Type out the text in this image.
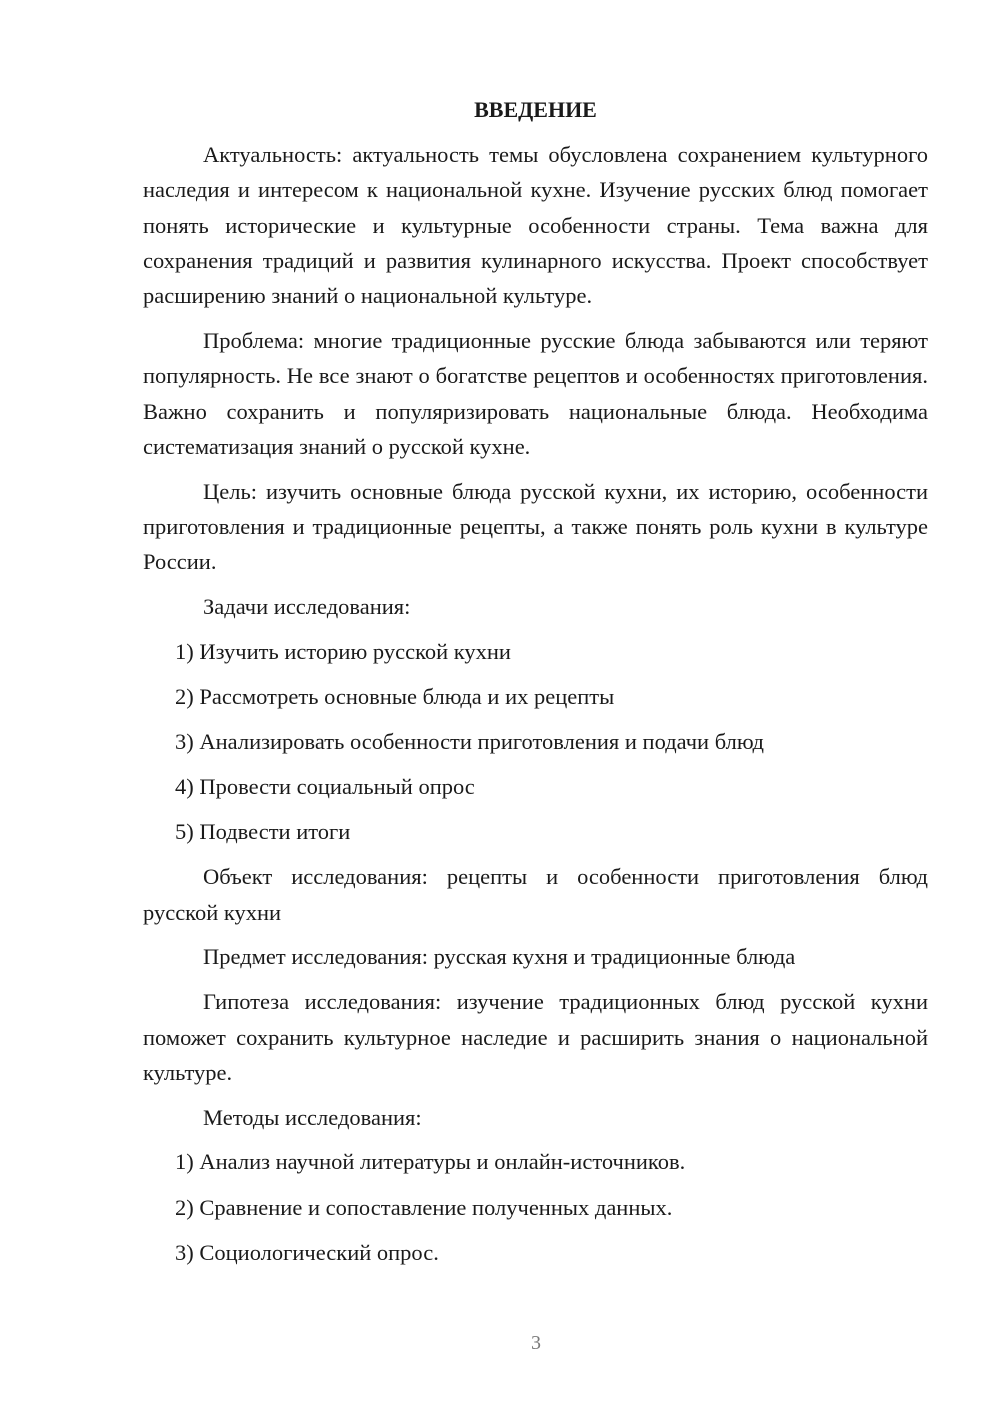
ВВЕДЕНИЕ

Актуальность: актуальность темы обусловлена сохранением культурного наследия и интересом к национальной кухне. Изучение русских блюд помогает понять исторические и культурные особенности страны. Тема важна для сохранения традиций и развития кулинарного искусства. Проект способствует расширению знаний о национальной культуре.

Проблема: многие традиционные русские блюда забываются или теряют популярность. Не все знают о богатстве рецептов и особенностях приготовления. Важно сохранить и популяризировать национальные блюда. Необходима систематизация знаний о русской кухне.

Цель: изучить основные блюда русской кухни, их историю, особенности приготовления и традиционные рецепты, а также понять роль кухни в культуре России.

Задачи исследования:

1) Изучить историю русской кухни
2) Рассмотреть основные блюда и их рецепты
3) Анализировать особенности приготовления и подачи блюд
4) Провести социальный опрос
5) Подвести итоги

Объект исследования: рецепты и особенности приготовления блюд русской кухни

Предмет исследования: русская кухня и традиционные блюда

Гипотеза исследования: изучение традиционных блюд русской кухни поможет сохранить культурное наследие и расширить знания о национальной культуре.

Методы исследования:

1) Анализ научной литературы и онлайн-источников.
2) Сравнение и сопоставление полученных данных.
3) Социологический опрос.
3
